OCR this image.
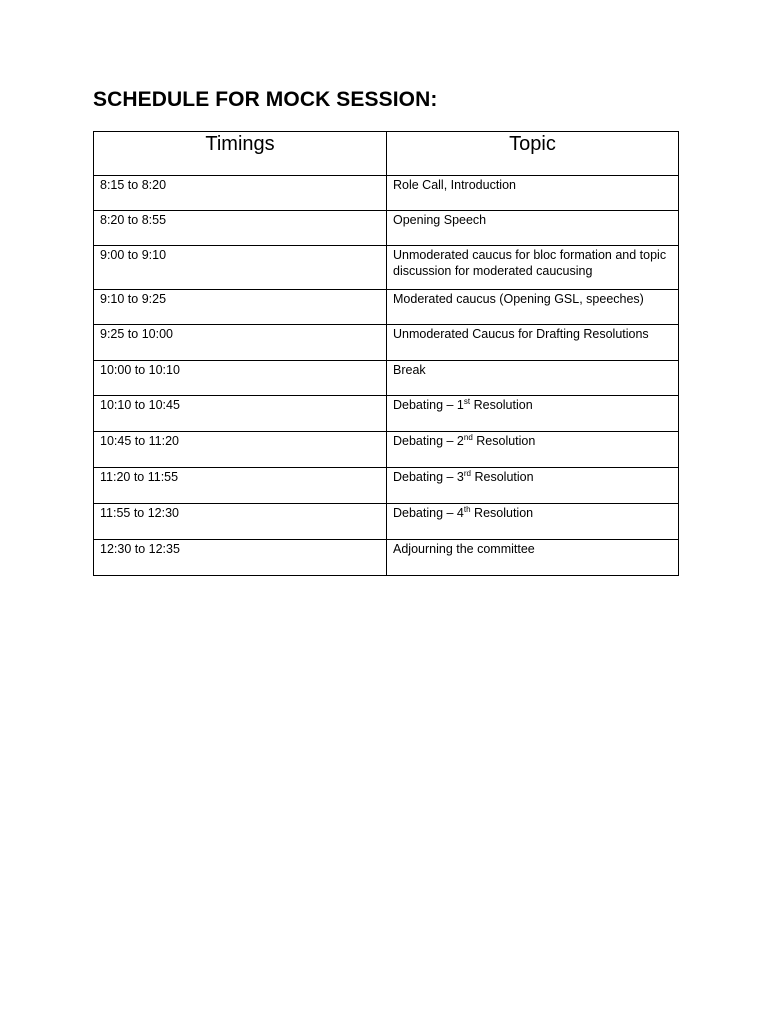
SCHEDULE FOR MOCK SESSION:
Timings	Topic
8:15 to 8:20	Role Call, Introduction
8:20 to 8:55	Opening Speech
9:00 to 9:10	Unmoderated caucus for bloc formation and topic discussion for moderated caucusing
9:10 to 9:25	Moderated caucus (Opening GSL, speeches)
9:25 to 10:00	Unmoderated Caucus for Drafting Resolutions
10:00 to 10:10	Break
10:10 to 10:45	Debating – 1st Resolution
10:45 to 11:20	Debating – 2nd Resolution
11:20 to 11:55	Debating – 3rd Resolution
11:55 to 12:30	Debating – 4th Resolution
12:30 to 12:35	Adjourning the committee
